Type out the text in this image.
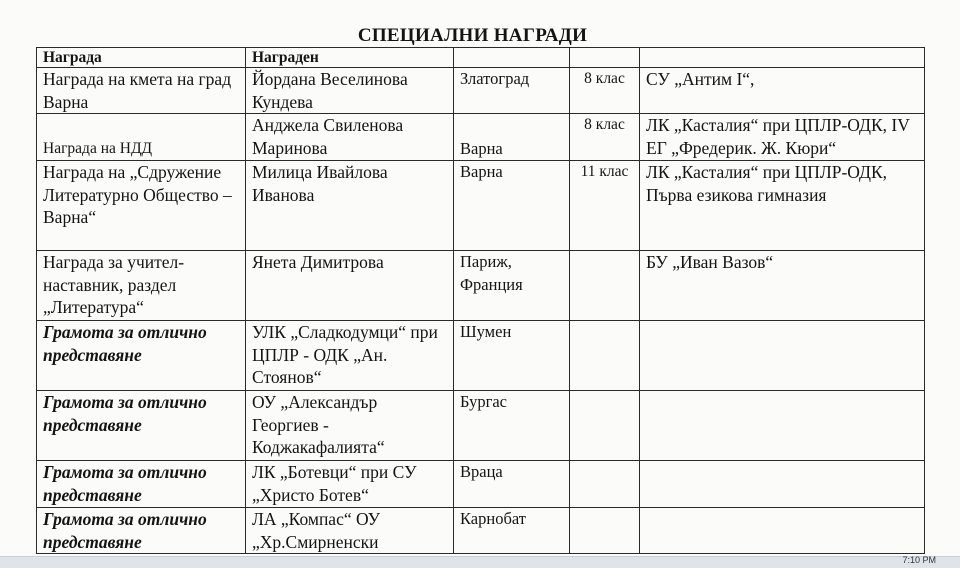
СПЕЦИАЛНИ НАГРАДИ
Награда	Награден			
Награда на кмета на град Варна	Йордана Веселинова Кундева	Златоград	8 клас	СУ „Антим I“,
Награда на НДД	Анджела Свиленова Маринова	Варна	8 клас	ЛК „Касталия“ при ЦПЛР-ОДК, IV ЕГ „Фредерик. Ж. Кюри“
Награда на „Сдружение Литературно Общество – Варна“	Милица Ивайлова Иванова	Варна	11 клас	ЛК „Касталия“ при ЦПЛР-ОДК, Първа езикова гимназия
Награда за учител-наставник, раздел „Литература“	Янета Димитрова	Париж, Франция		БУ „Иван Вазов“
Грамота за отлично представяне	УЛК „Сладкодумци“ при ЦПЛР - ОДК „Ан. Стоянов“	Шумен		
Грамота за отлично представяне	ОУ „Александър Георгиев - Коджакафалията“	Бургас		
Грамота за отлично представяне	ЛК „Ботевци“ при СУ „Христо Ботев“	Враца		
Грамота за отлично представяне	ЛА „Компас“ ОУ „Хр.Смирненски	Карнобат		
7:10 PM
